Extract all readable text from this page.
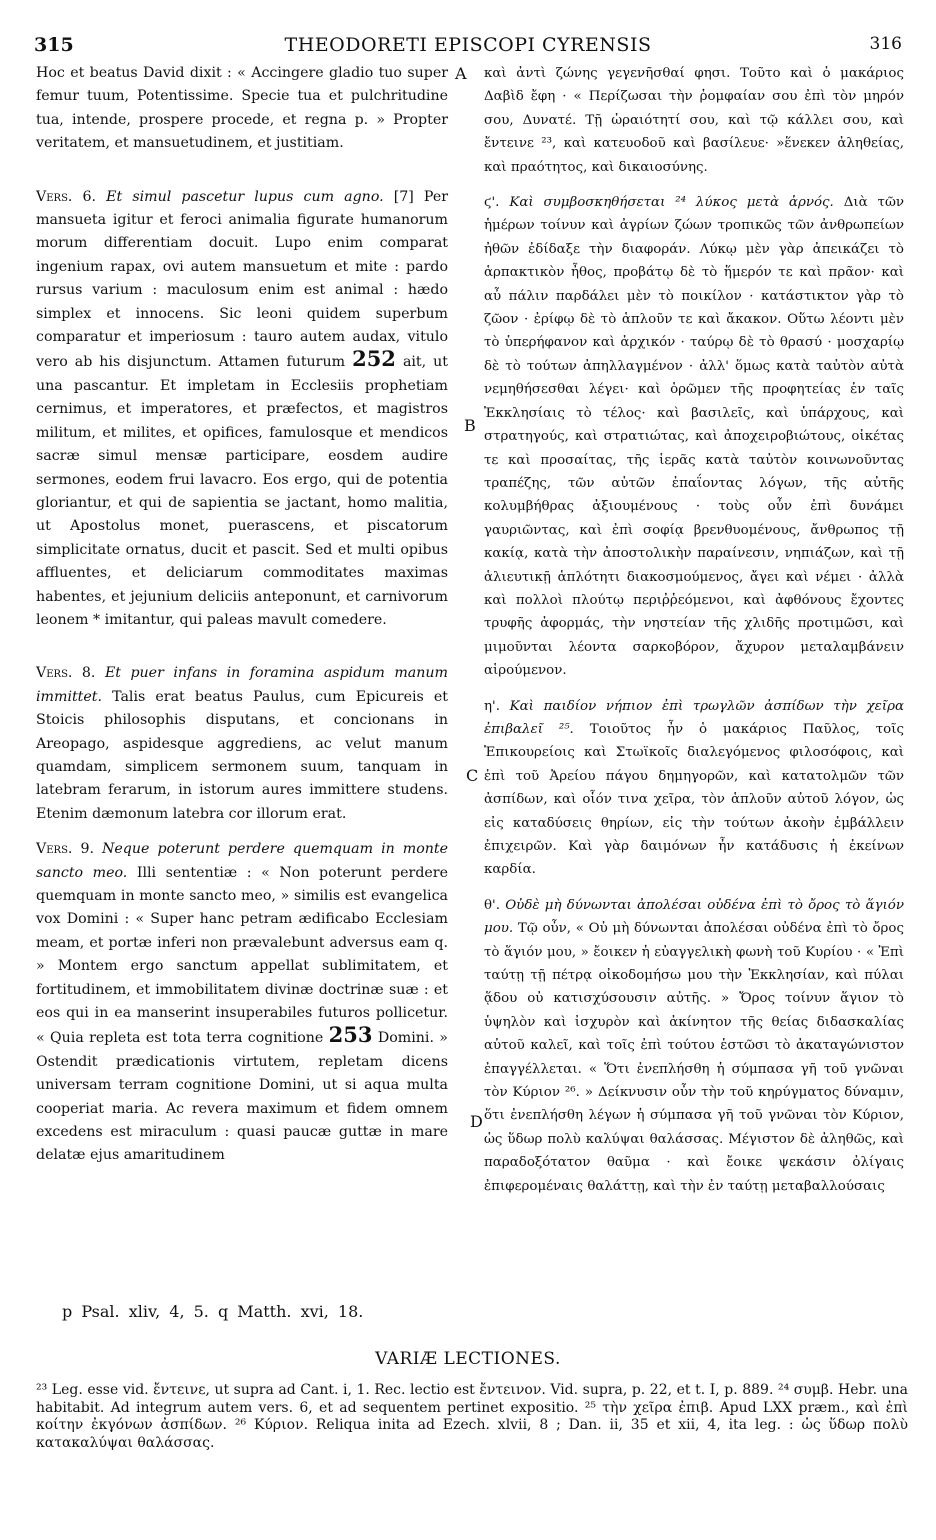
315	THEODORETI EPISCOPI CYRENSIS	316
A
B
C
D

Hoc et beatus David dixit : « Accingere gladio tuo super femur tuum, Potentissime. Specie tua et pulchritudine tua, intende, prospere procede, et regna p. » Propter veritatem, et mansuetudinem, et justitiam.

Vers. 6. Et simul pascetur lupus cum agno. [7] Per mansueta igitur et feroci animalia figurate humanorum morum differentiam docuit. Lupo enim comparat ingenium rapax, ovi autem mansuetum et mite : pardo rursus varium : maculosum enim est animal : hædo simplex et innocens. Sic leoni quidem superbum comparatur et imperiosum : tauro autem audax, vitulo vero ab his disjunctum. Attamen futurum 252 ait, ut una pascantur. Et impletam in Ecclesiis prophetiam cernimus, et imperatores, et præfectos, et magistros militum, et milites, et opifices, famulosque et mendicos sacræ simul mensæ participare, eosdem audire sermones, eodem frui lavacro. Eos ergo, qui de potentia gloriantur, et qui de sapientia se jactant, homo malitia, ut Apostolus monet, puerascens, et piscatorum simplicitate ornatus, ducit et pascit. Sed et multi opibus affluentes, et deliciarum commoditates maximas habentes, et jejunium deliciis anteponunt, et carnivorum leonem * imitantur, qui paleas mavult comedere.

Vers. 8. Et puer infans in foramina aspidum manum immittet. Talis erat beatus Paulus, cum Epicureis et Stoicis philosophis disputans, et concionans in Areopago, aspidesque aggrediens, ac velut manum quamdam, simplicem sermonem suum, tanquam in latebram ferarum, in istorum aures immittere studens. Etenim dæmonum latebra cor illorum erat.

Vers. 9. Neque poterunt perdere quemquam in monte sancto meo. Illi sententiæ : « Non poterunt perdere quemquam in monte sancto meo, » similis est evangelica vox Domini : « Super hanc petram ædificabo Ecclesiam meam, et portæ inferi non prævalebunt adversus eam q. » Montem ergo sanctum appellat sublimitatem, et fortitudinem, et immobilitatem divinæ doctrinæ suæ : et eos qui in ea manserint insuperabiles futuros pollicetur. « Quia repleta est tota terra cognitione 253 Domini. » Ostendit prædicationis virtutem, repletam dicens universam terram cognitione Domini, ut si aqua multa cooperiat maria. Ac revera maximum et fidem omnem excedens est miraculum : quasi paucæ guttæ in mare delatæ ejus amaritudinem

καὶ ἀντὶ ζώνης γεγενῆσθαί φησι. Τοῦτο καὶ ὁ μακάριος Δαβὶδ ἔφη · « Περίζωσαι τὴν ῥομφαίαν σου ἐπὶ τὸν μηρόν σου, Δυνατέ. Τῇ ὡραιότητί σου, καὶ τῷ κάλλει σου, καὶ ἔντεινε ²³, καὶ κατευοδοῦ καὶ βασίλευε· »ἕνεκεν ἀληθείας, καὶ πραότητος, καὶ δικαιοσύνης.

ϛ'. Καὶ συμβοσκηθήσεται ²⁴ λύκος μετὰ ἀρνός. Διὰ τῶν ἡμέρων τοίνυν καὶ ἀγρίων ζώων τροπικῶς τῶν ἀνθρωπείων ἠθῶν ἐδίδαξε τὴν διαφοράν. Λύκῳ μὲν γὰρ ἀπεικάζει τὸ ἁρπακτικὸν ἦθος, προβάτῳ δὲ τὸ ἥμερόν τε καὶ πρᾶον· καὶ αὖ πάλιν παρδάλει μὲν τὸ ποικίλον · κατάστικτον γὰρ τὸ ζῶον · ἐρίφῳ δὲ τὸ ἁπλοῦν τε καὶ ἄκακον. Οὕτω λέοντι μὲν τὸ ὑπερήφανον καὶ ἀρχικόν · ταύρῳ δὲ τὸ θρασύ · μοσχαρίῳ δὲ τὸ τούτων ἀπηλλαγμένον · ἀλλ' ὅμως κατὰ ταὐτὸν αὐτὰ νεμηθήσεσθαι λέγει· καὶ ὁρῶμεν τῆς προφητείας ἐν ταῖς Ἐκκλησίαις τὸ τέλος· καὶ βασιλεῖς, καὶ ὑπάρχους, καὶ στρατηγούς, καὶ στρατιώτας, καὶ ἀποχειροβιώτους, οἰκέτας τε καὶ προσαίτας, τῆς ἱερᾶς κατὰ ταὐτὸν κοινωνοῦντας τραπέζης, τῶν αὐτῶν ἐπαΐοντας λόγων, τῆς αὐτῆς κολυμβήθρας ἀξιουμένους · τοὺς οὖν ἐπὶ δυνάμει γαυριῶντας, καὶ ἐπὶ σοφίᾳ βρενθυομένους, ἄνθρωπος τῇ κακίᾳ, κατὰ τὴν ἀποστολικὴν παραίνεσιν, νηπιάζων, καὶ τῇ ἁλιευτικῇ ἁπλότητι διακοσμούμενος, ἄγει καὶ νέμει · ἀλλὰ καὶ πολλοὶ πλούτῳ περιῤῥεόμενοι, καὶ ἀφθόνους ἔχοντες τρυφῆς ἀφορμάς, τὴν νηστείαν τῆς χλιδῆς προτιμῶσι, καὶ μιμοῦνται λέοντα σαρκοβόρον, ἄχυρον μεταλαμβάνειν αἱρούμενον.

η'. Καὶ παιδίον νήπιον ἐπὶ τρωγλῶν ἀσπίδων τὴν χεῖρα ἐπιβαλεῖ ²⁵. Τοιοῦτος ἦν ὁ μακάριος Παῦλος, τοῖς Ἐπικουρείοις καὶ Στωϊκοῖς διαλεγόμενος φιλοσόφοις, καὶ ἐπὶ τοῦ Ἀρείου πάγου δημηγορῶν, καὶ κατατολμῶν τῶν ἀσπίδων, καὶ οἷόν τινα χεῖρα, τὸν ἁπλοῦν αὐτοῦ λόγον, ὡς εἰς καταδύσεις θηρίων, εἰς τὴν τούτων ἀκοὴν ἐμβάλλειν ἐπιχειρῶν. Καὶ γὰρ δαιμόνων ἦν κατάδυσις ἡ ἐκείνων καρδία.

θ'. Οὐδὲ μὴ δύνωνται ἀπολέσαι οὐδένα ἐπὶ τὸ ὄρος τὸ ἅγιόν μου. Τῷ οὖν, « Οὐ μὴ δύνωνται ἀπολέσαι οὐδένα ἐπὶ τὸ ὄρος τὸ ἅγιόν μου, » ἔοικεν ἡ εὐαγγελικὴ φωνὴ τοῦ Κυρίου · « Ἐπὶ ταύτῃ τῇ πέτρᾳ οἰκοδομήσω μου τὴν Ἐκκλησίαν, καὶ πύλαι ᾅδου οὐ κατισχύσουσιν αὐτῆς. » Ὄρος τοίνυν ἅγιον τὸ ὑψηλὸν καὶ ἰσχυρὸν καὶ ἀκίνητον τῆς θείας διδασκαλίας αὐτοῦ καλεῖ, καὶ τοῖς ἐπὶ τούτου ἑστῶσι τὸ ἀκαταγώνιστον ἐπαγγέλλεται. « Ὅτι ἐνεπλήσθη ἡ σύμπασα γῆ τοῦ γνῶναι τὸν Κύριον ²⁶. » Δείκνυσιν οὖν τὴν τοῦ κηρύγματος δύναμιν, ὅτι ἐνεπλήσθη λέγων ἡ σύμπασα γῆ τοῦ γνῶναι τὸν Κύριον, ὡς ὕδωρ πολὺ καλύψαι θαλάσσας. Μέγιστον δὲ ἀληθῶς, καὶ παραδοξότατον θαῦμα · καὶ ἔοικε ψεκάσιν ὀλίγαις ἐπιφερομέναις θαλάττῃ, καὶ τὴν ἐν ταύτῃ μεταβαλλούσαις

p Psal. xliv, 4, 5. q Matth. xvi, 18.
VARIÆ LECTIONES.

²³ Leg. esse vid. ἔντεινε, ut supra ad Cant. i, 1. Rec. lectio est ἔντεινον. Vid. supra, p. 22, et t. I, p. 889. ²⁴ συμβ. Hebr. una habitabit. Ad integrum autem vers. 6, et ad sequentem pertinet expositio. ²⁵ τὴν χεῖρα ἐπιβ. Apud LXX præm., καὶ ἐπὶ κοίτην ἐκγόνων ἀσπίδων. ²⁶ Κύριον. Reliqua inita ad Ezech. xlvii, 8 ; Dan. ii, 35 et xii, 4, ita leg. : ὡς ὕδωρ πολὺ κατακαλύψαι θαλάσσας.
